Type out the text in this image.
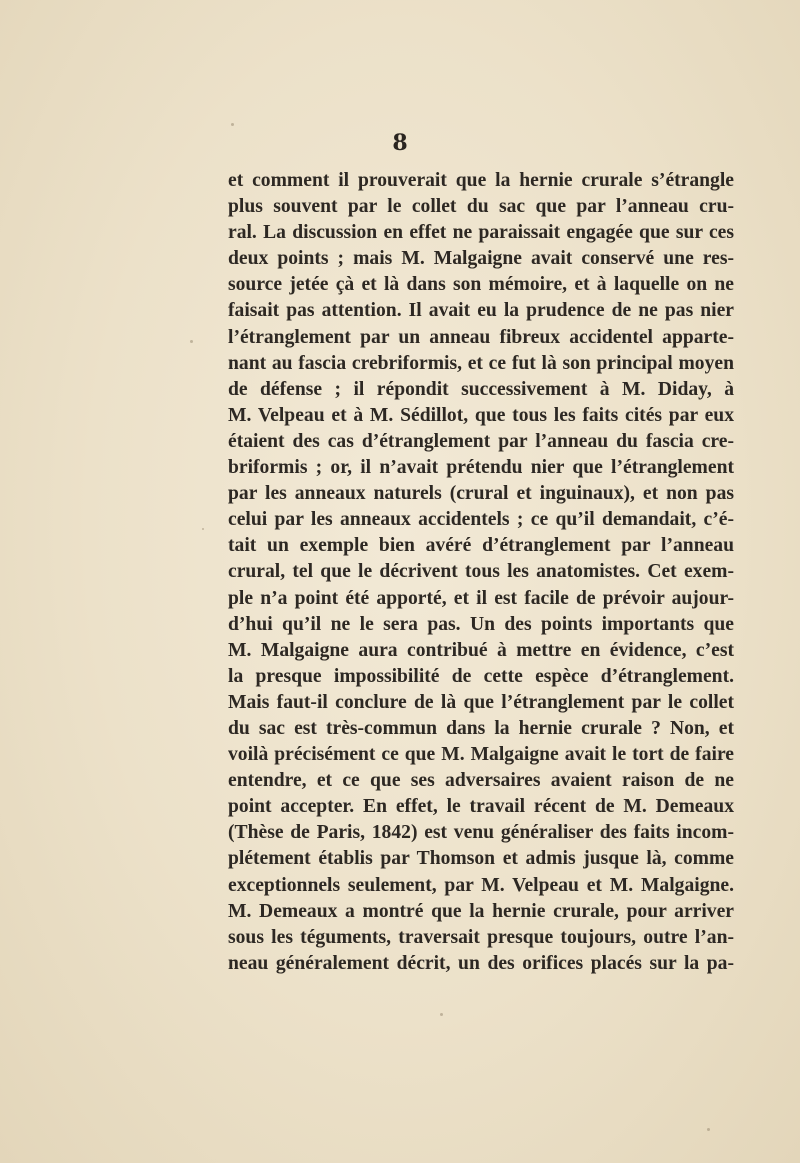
8
et comment il prouverait que la hernie crurale s’étrangle
plus souvent par le collet du sac que par l’anneau cru-
ral. La discussion en effet ne paraissait engagée que sur ces
deux points ; mais M. Malgaigne avait conservé une res-
source jetée çà et là dans son mémoire, et à laquelle on ne
faisait pas attention. Il avait eu la prudence de ne pas nier
l’étranglement par un anneau fibreux accidentel apparte-
nant au fascia crebriformis, et ce fut là son principal moyen
de défense ; il répondit successivement à M. Diday, à
M. Velpeau et à M. Sédillot, que tous les faits cités par eux
étaient des cas d’étranglement par l’anneau du fascia cre-
briformis ; or, il n’avait prétendu nier que l’étranglement
par les anneaux naturels (crural et inguinaux), et non pas
celui par les anneaux accidentels ; ce qu’il demandait, c’é-
tait un exemple bien avéré d’étranglement par l’anneau
crural, tel que le décrivent tous les anatomistes. Cet exem-
ple n’a point été apporté, et il est facile de prévoir aujour-
d’hui qu’il ne le sera pas. Un des points importants que
M. Malgaigne aura contribué à mettre en évidence, c’est
la presque impossibilité de cette espèce d’étranglement.
Mais faut-il conclure de là que l’étranglement par le collet
du sac est très-commun dans la hernie crurale ? Non, et
voilà précisément ce que M. Malgaigne avait le tort de faire
entendre, et ce que ses adversaires avaient raison de ne
point accepter. En effet, le travail récent de M. Demeaux
(Thèse de Paris, 1842) est venu généraliser des faits incom-
plétement établis par Thomson et admis jusque là, comme
exceptionnels seulement, par M. Velpeau et M. Malgaigne.
M. Demeaux a montré que la hernie crurale, pour arriver
sous les téguments, traversait presque toujours, outre l’an-
neau généralement décrit, un des orifices placés sur la pa-
